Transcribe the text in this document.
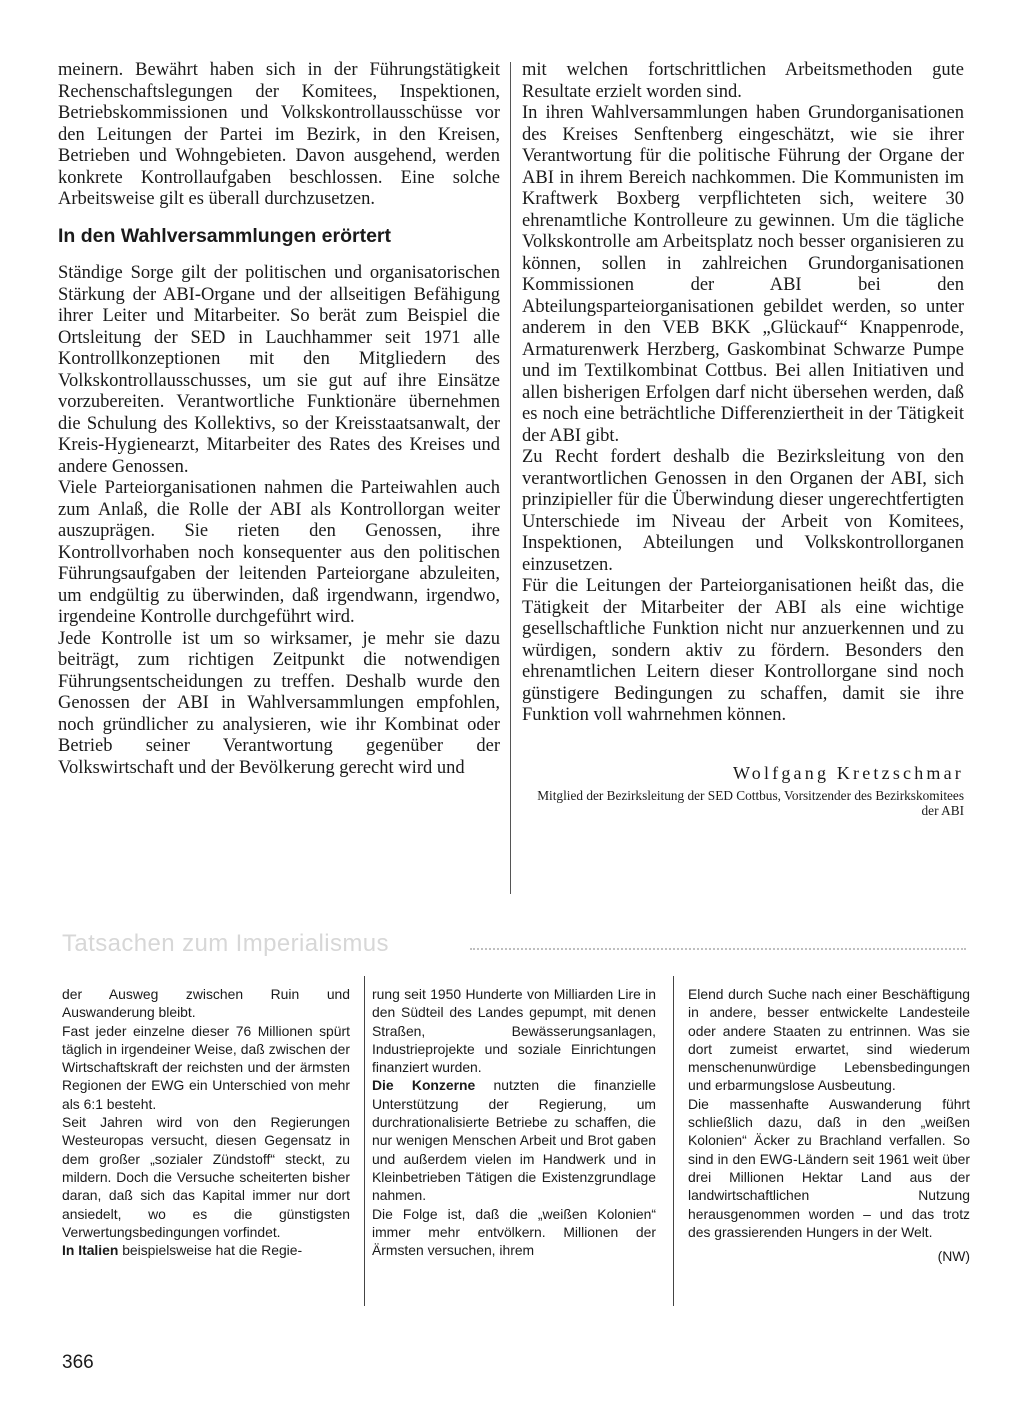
meinern. Bewährt haben sich in der Führungstätigkeit Rechenschaftslegungen der Komitees, Inspektionen, Betriebskommissionen und Volkskontrollausschüsse vor den Leitungen der Partei im Bezirk, in den Kreisen, Betrieben und Wohngebieten. Davon ausgehend, werden konkrete Kontrollaufgaben beschlossen. Eine solche Arbeitsweise gilt es überall durchzusetzen.

In den Wahlversammlungen erörtert

Ständige Sorge gilt der politischen und organisatorischen Stärkung der ABI-Organe und der allseitigen Befähigung ihrer Leiter und Mitarbeiter. So berät zum Beispiel die Ortsleitung der SED in Lauchhammer seit 1971 alle Kontrollkonzeptionen mit den Mitgliedern des Volkskontrollausschusses, um sie gut auf ihre Einsätze vorzubereiten. Verantwortliche Funktionäre übernehmen die Schulung des Kollektivs, so der Kreisstaatsanwalt, der Kreis-Hygienearzt, Mitarbeiter des Rates des Kreises und andere Genossen.

Viele Parteiorganisationen nahmen die Parteiwahlen auch zum Anlaß, die Rolle der ABI als Kontrollorgan weiter auszuprägen. Sie rieten den Genossen, ihre Kontrollvorhaben noch konsequenter aus den politischen Führungsaufgaben der leitenden Parteiorgane abzuleiten, um endgültig zu überwinden, daß irgendwann, irgendwo, irgendeine Kontrolle durchgeführt wird.

Jede Kontrolle ist um so wirksamer, je mehr sie dazu beiträgt, zum richtigen Zeitpunkt die notwendigen Führungsentscheidungen zu treffen. Deshalb wurde den Genossen der ABI in Wahlversammlungen empfohlen, noch gründlicher zu analysieren, wie ihr Kombinat oder Betrieb seiner Verantwortung gegenüber der Volkswirtschaft und der Bevölkerung gerecht wird und

mit welchen fortschrittlichen Arbeitsmethoden gute Resultate erzielt worden sind.

In ihren Wahlversammlungen haben Grundorganisationen des Kreises Senftenberg eingeschätzt, wie sie ihrer Verantwortung für die politische Führung der Organe der ABI in ihrem Bereich nachkommen. Die Kommunisten im Kraftwerk Boxberg verpflichteten sich, weitere 30 ehrenamtliche Kontrolleure zu gewinnen. Um die tägliche Volkskontrolle am Arbeitsplatz noch besser organisieren zu können, sollen in zahlreichen Grundorganisationen Kommissionen der ABI bei den Abteilungsparteiorganisationen gebildet werden, so unter anderem in den VEB BKK „Glückauf“ Knappenrode, Armaturenwerk Herzberg, Gaskombinat Schwarze Pumpe und im Textilkombinat Cottbus. Bei allen Initiativen und allen bisherigen Erfolgen darf nicht übersehen werden, daß es noch eine beträchtliche Differenziertheit in der Tätigkeit der ABI gibt.

Zu Recht fordert deshalb die Bezirksleitung von den verantwortlichen Genossen in den Organen der ABI, sich prinzipieller für die Überwindung dieser ungerechtfertigten Unterschiede im Niveau der Arbeit von Komitees, Inspektionen, Abteilungen und Volkskontrollorganen einzusetzen.

Für die Leitungen der Parteiorganisationen heißt das, die Tätigkeit der Mitarbeiter der ABI als eine wichtige gesellschaftliche Funktion nicht nur anzuerkennen und zu würdigen, sondern aktiv zu fördern. Besonders den ehrenamtlichen Leitern dieser Kontrollorgane sind noch günstigere Bedingungen zu schaffen, damit sie ihre Funktion voll wahrnehmen können.

Wolfgang Kretzschmar
Mitglied der Bezirksleitung der SED Cottbus, Vorsitzender des Bezirkskomitees der ABI
Tatsachen zum Imperialismus

der Ausweg zwischen Ruin und Auswanderung bleibt.

Fast jeder einzelne dieser 76 Millionen spürt täglich in irgendeiner Weise, daß zwischen der Wirtschaftskraft der reichsten und der ärmsten Regionen der EWG ein Unterschied von mehr als 6:1 besteht.

Seit Jahren wird von den Regierungen Westeuropas versucht, diesen Gegensatz in dem großer „sozialer Zündstoff“ steckt, zu mildern. Doch die Versuche scheiterten bisher daran, daß sich das Kapital immer nur dort ansiedelt, wo es die günstigsten Verwertungsbedingungen vorfindet.

In Italien beispielsweise hat die Regie-

rung seit 1950 Hunderte von Milliarden Lire in den Südteil des Landes gepumpt, mit denen Straßen, Bewässerungsanlagen, Industrieprojekte und soziale Einrichtungen finanziert wurden.

Die Konzerne nutzten die finanzielle Unterstützung der Regierung, um durchrationalisierte Betriebe zu schaffen, die nur wenigen Menschen Arbeit und Brot gaben und außerdem vielen im Handwerk und in Kleinbetrieben Tätigen die Existenzgrundlage nahmen.

Die Folge ist, daß die „weißen Kolonien“ immer mehr entvölkern. Millionen der Ärmsten versuchen, ihrem

Elend durch Suche nach einer Beschäftigung in andere, besser entwickelte Landesteile oder andere Staaten zu entrinnen. Was sie dort zumeist erwartet, sind wiederum menschenunwürdige Lebensbedingungen und erbarmungslose Ausbeutung.

Die massenhafte Auswanderung führt schließlich dazu, daß in den „weißen Kolonien“ Äcker zu Brachland verfallen. So sind in den EWG-Ländern seit 1961 weit über drei Millionen Hektar Land aus der landwirtschaftlichen Nutzung herausgenommen worden – und das trotz des grassierenden Hungers in der Welt.

(NW)
366
